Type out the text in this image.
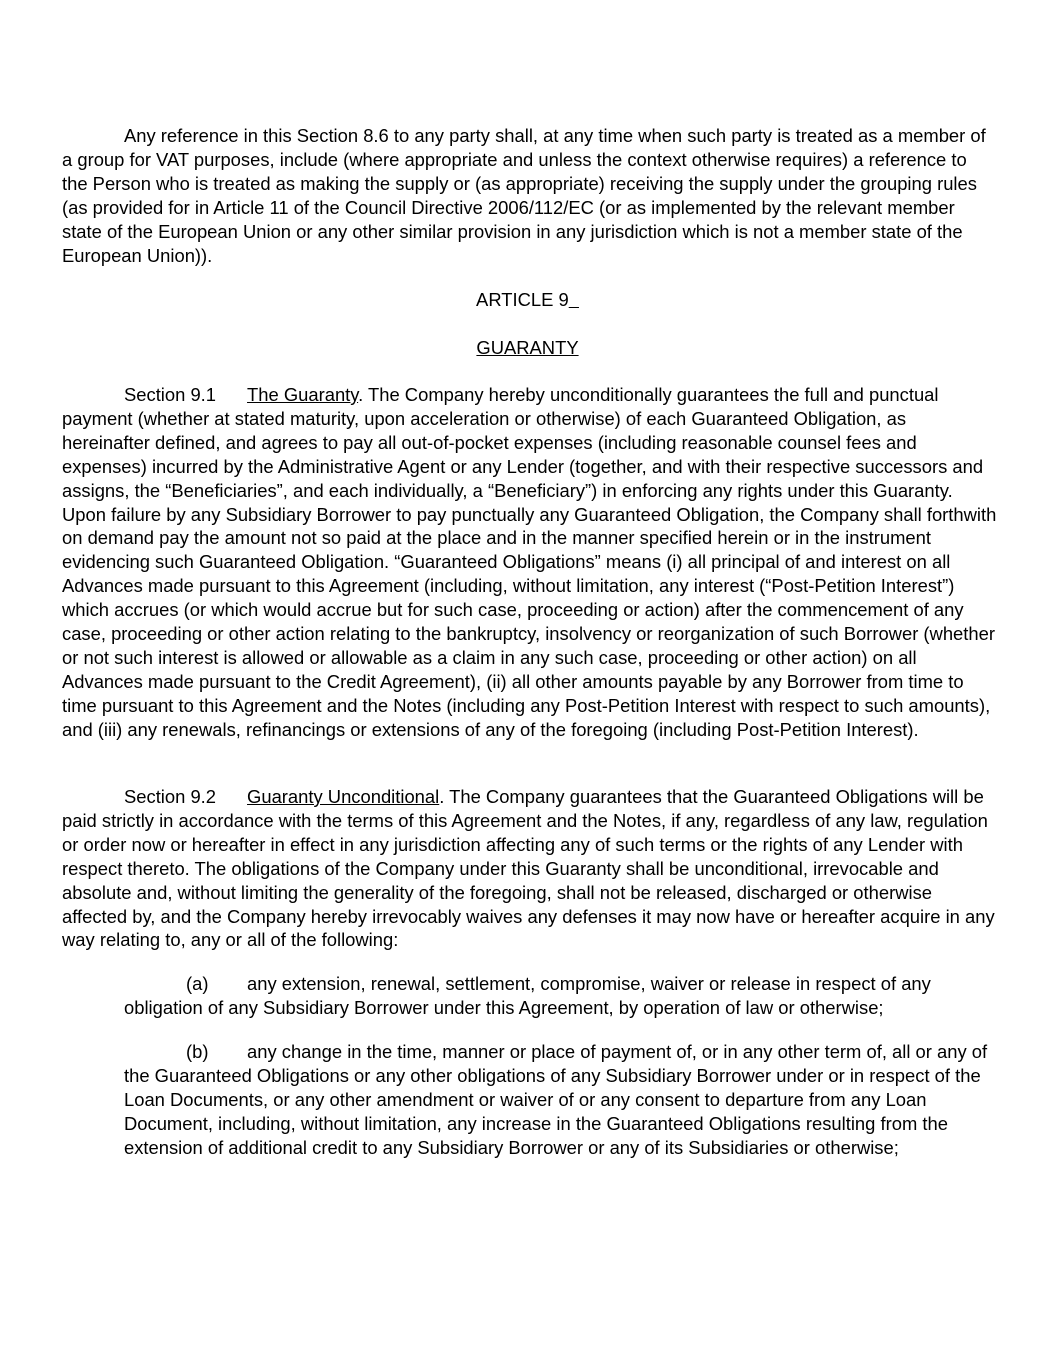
Any reference in this Section 8.6 to any party shall, at any time when such party is treated as a member of a group for VAT purposes, include (where appropriate and unless the context otherwise requires) a reference to the Person who is treated as making the supply or (as appropriate) receiving the supply under the grouping rules (as provided for in Article 11 of the Council Directive 2006/112/EC (or as implemented by the relevant member state of the European Union or any other similar provision in any jurisdiction which is not a member state of the European Union)).

ARTICLE 9

GUARANTY

Section 9.1 The Guaranty. The Company hereby unconditionally guarantees the full and punctual payment (whether at stated maturity, upon acceleration or otherwise) of each Guaranteed Obligation, as hereinafter defined, and agrees to pay all out-of-pocket expenses (including reasonable counsel fees and expenses) incurred by the Administrative Agent or any Lender (together, and with their respective successors and assigns, the “Beneficiaries”, and each individually, a “Beneficiary”) in enforcing any rights under this Guaranty. Upon failure by any Subsidiary Borrower to pay punctually any Guaranteed Obligation, the Company shall forthwith on demand pay the amount not so paid at the place and in the manner specified herein or in the instrument evidencing such Guaranteed Obligation. “Guaranteed Obligations” means (i) all principal of and interest on all Advances made pursuant to this Agreement (including, without limitation, any interest (“Post-Petition Interest”) which accrues (or which would accrue but for such case, proceeding or action) after the commencement of any case, proceeding or other action relating to the bankruptcy, insolvency or reorganization of such Borrower (whether or not such interest is allowed or allowable as a claim in any such case, proceeding or other action) on all Advances made pursuant to the Credit Agreement), (ii) all other amounts payable by any Borrower from time to time pursuant to this Agreement and the Notes (including any Post-Petition Interest with respect to such amounts), and (iii) any renewals, refinancings or extensions of any of the foregoing (including Post-Petition Interest).

Section 9.2 Guaranty Unconditional. The Company guarantees that the Guaranteed Obligations will be paid strictly in accordance with the terms of this Agreement and the Notes, if any, regardless of any law, regulation or order now or hereafter in effect in any jurisdiction affecting any of such terms or the rights of any Lender with respect thereto. The obligations of the Company under this Guaranty shall be unconditional, irrevocable and absolute and, without limiting the generality of the foregoing, shall not be released, discharged or otherwise affected by, and the Company hereby irrevocably waives any defenses it may now have or hereafter acquire in any way relating to, any or all of the following:

(a) any extension, renewal, settlement, compromise, waiver or release in respect of any obligation of any Subsidiary Borrower under this Agreement, by operation of law or otherwise;

(b) any change in the time, manner or place of payment of, or in any other term of, all or any of the Guaranteed Obligations or any other obligations of any Subsidiary Borrower under or in respect of the Loan Documents, or any other amendment or waiver of or any consent to departure from any Loan Document, including, without limitation, any increase in the Guaranteed Obligations resulting from the extension of additional credit to any Subsidiary Borrower or any of its Subsidiaries or otherwise;
